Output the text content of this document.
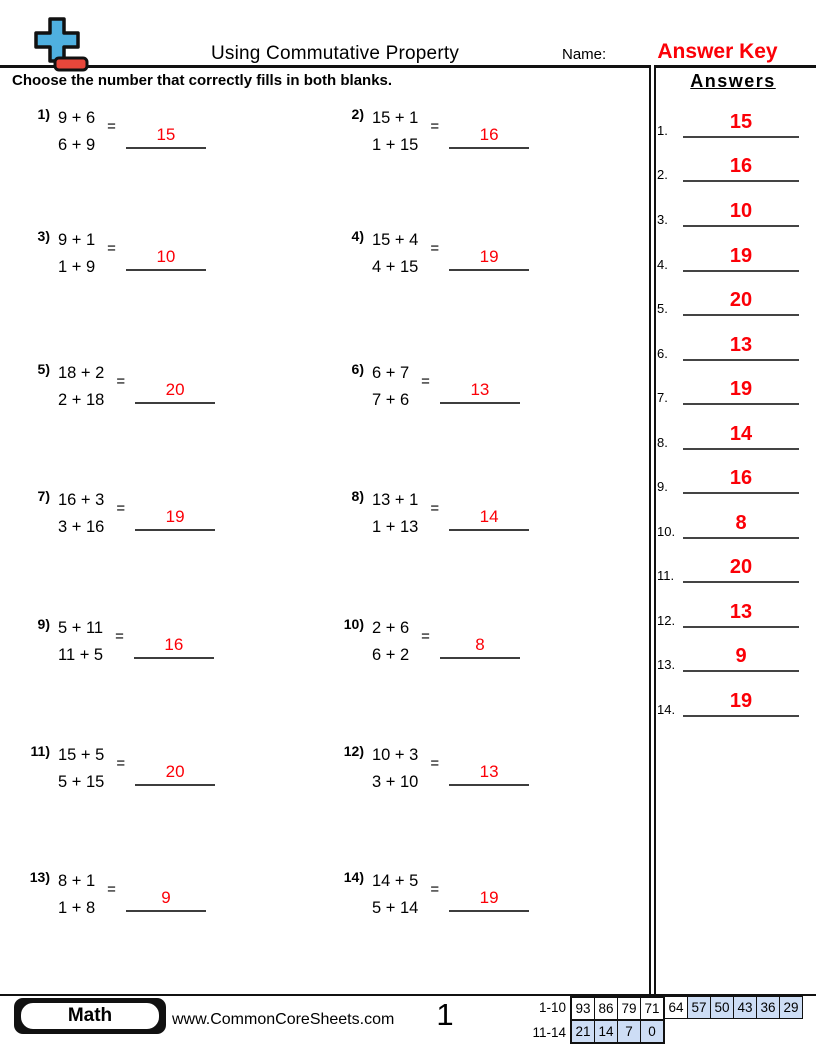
Using Commutative Property	Name:	Answer Key
Choose the number that correctly fills in both blanks.	Answers
1.	15
2.	16
3.	10
4.	19
5.	20
6.	13
7.	19
8.	14
9.	16
10.	8
11.	20
12.	13
13.	9
14.	19
1) 9 + 6
6 + 9
= 15
2) 15 + 1
1 + 15
= 16
3) 9 + 1
1 + 9
= 10
4) 15 + 4
4 + 15
= 19
5) 18 + 2
2 + 18
= 20
6) 6 + 7
7 + 6
= 13
7) 16 + 3
3 + 16
= 19
8) 13 + 1
1 + 13
= 14
9) 5 + 11
11 + 5
= 16
10) 2 + 6
6 + 2
=	8
11) 15 + 5
5 + 15
= 20
12) 10 + 3
3 + 10
= 13
13) 8 + 1
1 + 8
=	9
14) 14 + 5
5 + 14
= 19
Math	www.CommonCoreSheets.com	1	1-10 93 86 79 71 64 57 50 43 36 29
11-14 21 14 7	0
